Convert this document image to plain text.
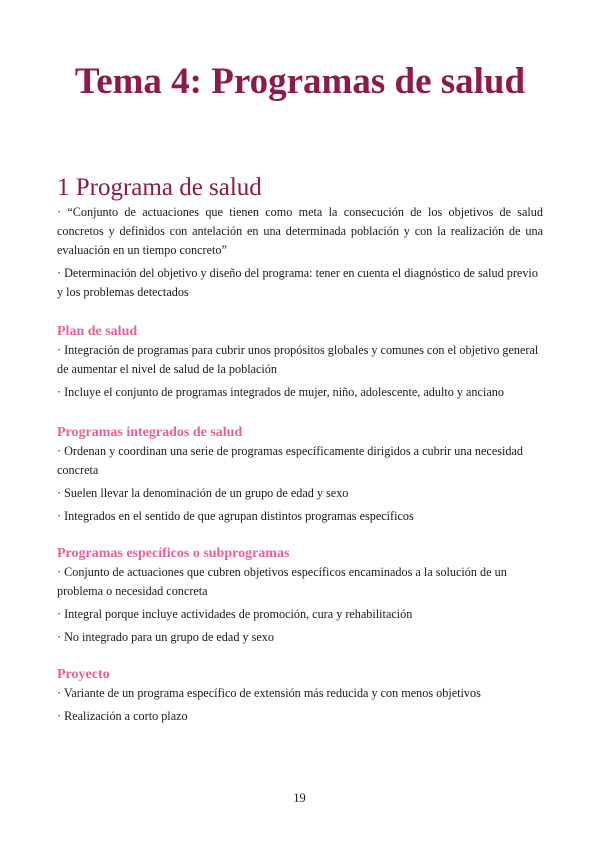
Tema 4: Programas de salud
1 Programa de salud

· “Conjunto de actuaciones que tienen como meta la consecución de los objetivos de salud concretos y definidos con antelación en una determinada población y con la realización de una evaluación en un tiempo concreto”

· Determinación del objetivo y diseño del programa: tener en cuenta el diagnóstico de salud previo y los problemas detectados

Plan de salud

· Integración de programas para cubrir unos propósitos globales y comunes con el objetivo general de aumentar el nivel de salud de la población

· Incluye el conjunto de programas integrados de mujer, niño, adolescente, adulto y anciano

Programas integrados de salud

· Ordenan y coordinan una serie de programas específicamente dirigidos a cubrir una necesidad concreta

· Suelen llevar la denominación de un grupo de edad y sexo

· Integrados en el sentido de que agrupan distintos programas específicos

Programas específicos o subprogramas

· Conjunto de actuaciones que cubren objetivos específicos encaminados a la solución de un problema o necesidad concreta

· Integral porque incluye actividades de promoción, cura y rehabilitación

· No integrado para un grupo de edad y sexo

Proyecto

· Variante de un programa específico de extensión más reducida y con menos objetivos

· Realización a corto plazo

19
